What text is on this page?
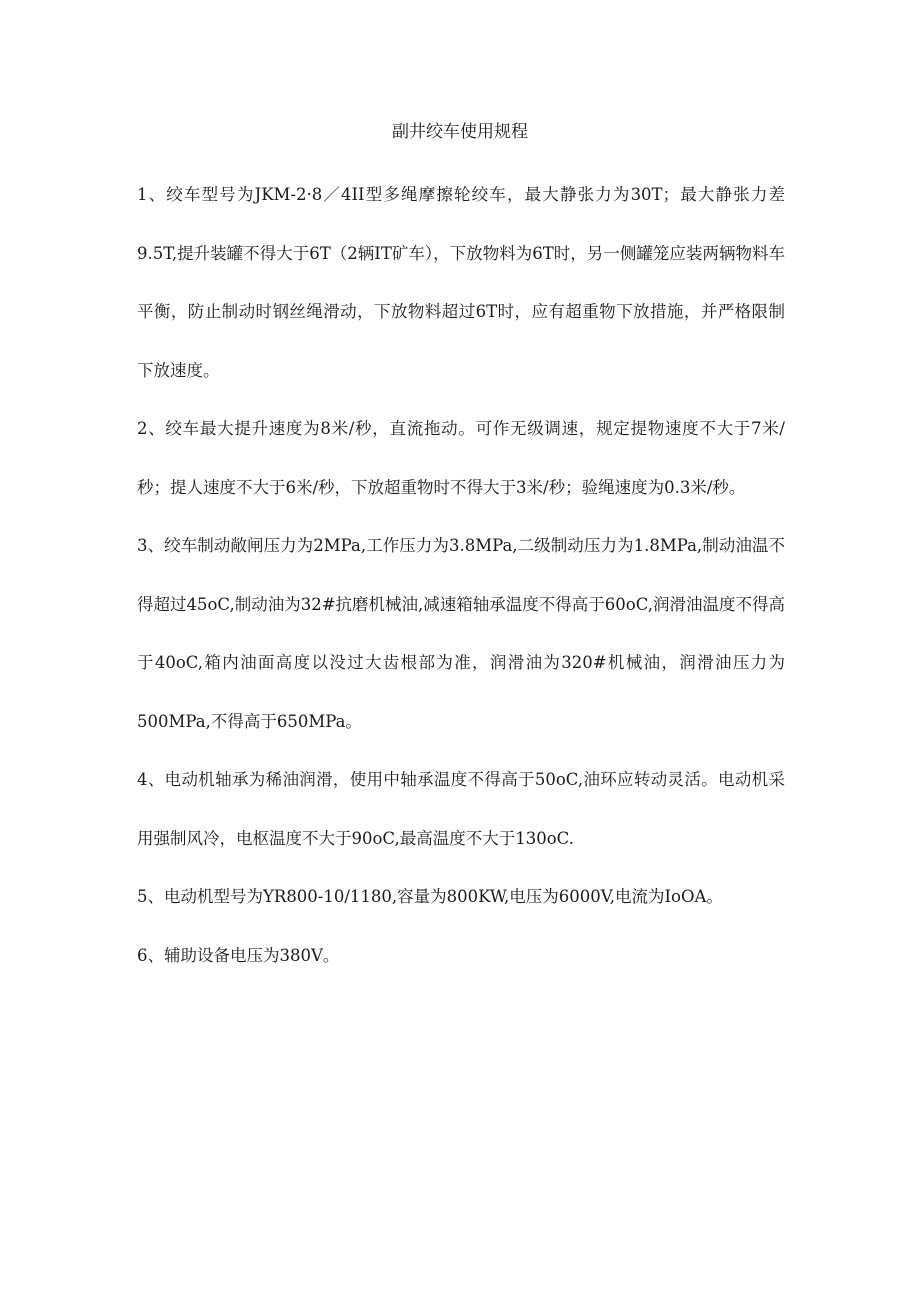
副井绞车使用规程

1、绞车型号为JKM-2·8／4II型多绳摩擦轮绞车，最大静张力为30T；最大静张力差9.5T,提升装罐不得大于6T（2辆IT矿车），下放物料为6T时，另一侧罐笼应装两辆物料车平衡，防止制动时钢丝绳滑动，下放物料超过6T时，应有超重物下放措施，并严格限制下放速度。

2、绞车最大提升速度为8米/秒，直流拖动。可作无级调速，规定提物速度不大于7米/秒；提人速度不大于6米/秒，下放超重物时不得大于3米/秒；验绳速度为0.3米/秒。

3、绞车制动敞闸压力为2MPa,工作压力为3.8MPa,二级制动压力为1.8MPa,制动油温不得超过45oC,制动油为32#抗磨机械油,减速箱轴承温度不得高于60oC,润滑油温度不得高于40oC,箱内油面高度以没过大齿根部为准，润滑油为320#机械油，润滑油压力为500MPa,不得高于650MPa。

4、电动机轴承为稀油润滑，使用中轴承温度不得高于50oC,油环应转动灵活。电动机采用强制风冷，电枢温度不大于90oC,最高温度不大于130oC.

5、电动机型号为YR800-10/1180,容量为800KW,电压为6000V,电流为IoOA。

6、辅助设备电压为380V。
